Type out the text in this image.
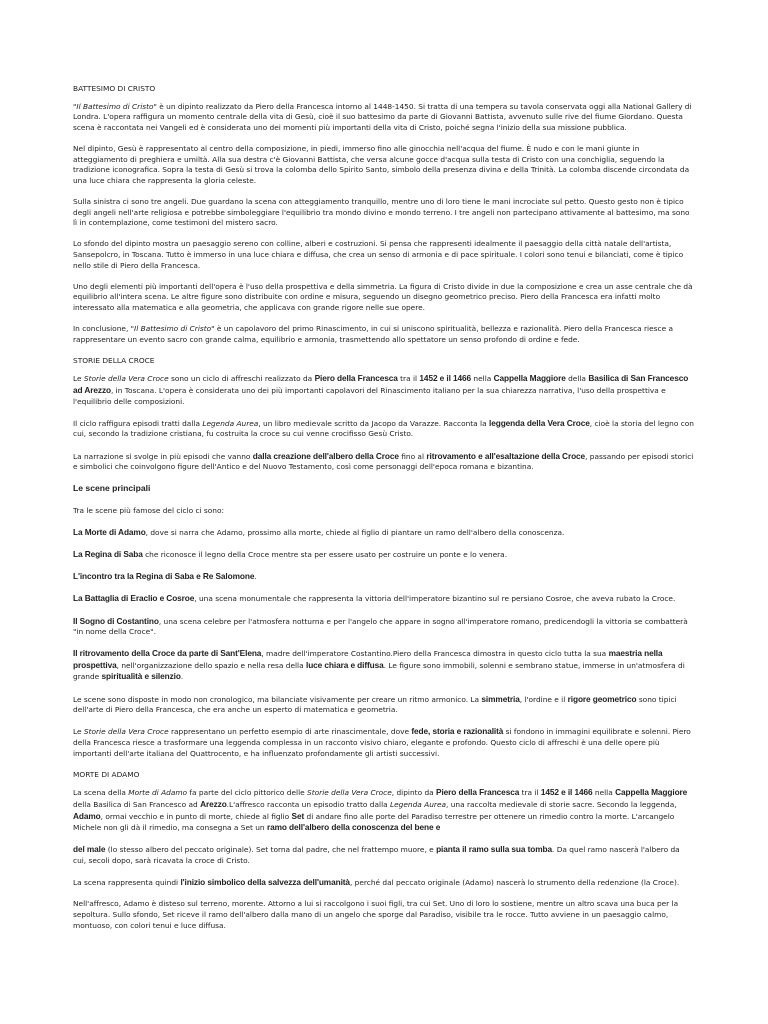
BATTESIMO DI CRISTO

"Il Battesimo di Cristo" è un dipinto realizzato da Piero della Francesca intorno al 1448-1450. Si tratta di una tempera su tavola conservata oggi alla National Gallery di Londra. L'opera raffigura un momento centrale della vita di Gesù, cioè il suo battesimo da parte di Giovanni Battista, avvenuto sulle rive del fiume Giordano. Questa scena è raccontata nei Vangeli ed è considerata uno dei momenti più importanti della vita di Cristo, poiché segna l'inizio della sua missione pubblica.

Nel dipinto, Gesù è rappresentato al centro della composizione, in piedi, immerso fino alle ginocchia nell'acqua del fiume. È nudo e con le mani giunte in atteggiamento di preghiera e umiltà. Alla sua destra c'è Giovanni Battista, che versa alcune gocce d'acqua sulla testa di Cristo con una conchiglia, seguendo la tradizione iconografica. Sopra la testa di Gesù si trova la colomba dello Spirito Santo, simbolo della presenza divina e della Trinità. La colomba discende circondata da una luce chiara che rappresenta la gloria celeste.

Sulla sinistra ci sono tre angeli. Due guardano la scena con atteggiamento tranquillo, mentre uno di loro tiene le mani incrociate sul petto. Questo gesto non è tipico degli angeli nell'arte religiosa e potrebbe simboleggiare l'equilibrio tra mondo divino e mondo terreno. I tre angeli non partecipano attivamente al battesimo, ma sono lì in contemplazione, come testimoni del mistero sacro.

Lo sfondo del dipinto mostra un paesaggio sereno con colline, alberi e costruzioni. Si pensa che rappresenti idealmente il paesaggio della città natale dell'artista, Sansepolcro, in Toscana. Tutto è immerso in una luce chiara e diffusa, che crea un senso di armonia e di pace spirituale. I colori sono tenui e bilanciati, come è tipico nello stile di Piero della Francesca.

Uno degli elementi più importanti dell'opera è l'uso della prospettiva e della simmetria. La figura di Cristo divide in due la composizione e crea un asse centrale che dà equilibrio all'intera scena. Le altre figure sono distribuite con ordine e misura, seguendo un disegno geometrico preciso. Piero della Francesca era infatti molto interessato alla matematica e alla geometria, che applicava con grande rigore nelle sue opere.

In conclusione, "Il Battesimo di Cristo" è un capolavoro del primo Rinascimento, in cui si uniscono spiritualità, bellezza e razionalità. Piero della Francesca riesce a rappresentare un evento sacro con grande calma, equilibrio e armonia, trasmettendo allo spettatore un senso profondo di ordine e fede.

STORIE DELLA CROCE

Le Storie della Vera Croce sono un ciclo di affreschi realizzato da Piero della Francesca tra il 1452 e il 1466 nella Cappella Maggiore della Basilica di San Francesco ad Arezzo, in Toscana. L'opera è considerata uno dei più importanti capolavori del Rinascimento italiano per la sua chiarezza narrativa, l'uso della prospettiva e l'equilibrio delle composizioni.

Il ciclo raffigura episodi tratti dalla Legenda Aurea, un libro medievale scritto da Jacopo da Varazze. Racconta la leggenda della Vera Croce, cioè la storia del legno con cui, secondo la tradizione cristiana, fu costruita la croce su cui venne crocifisso Gesù Cristo.

La narrazione si svolge in più episodi che vanno dalla creazione dell'albero della Croce fino al ritrovamento e all'esaltazione della Croce, passando per episodi storici e simbolici che coinvolgono figure dell'Antico e del Nuovo Testamento, così come personaggi dell'epoca romana e bizantina.

Le scene principali

Tra le scene più famose del ciclo ci sono:

La Morte di Adamo, dove si narra che Adamo, prossimo alla morte, chiede al figlio di piantare un ramo dell'albero della conoscenza.

La Regina di Saba che riconosce il legno della Croce mentre sta per essere usato per costruire un ponte e lo venera.

L'incontro tra la Regina di Saba e Re Salomone.

La Battaglia di Eraclio e Cosroe, una scena monumentale che rappresenta la vittoria dell'imperatore bizantino sul re persiano Cosroe, che aveva rubato la Croce.

Il Sogno di Costantino, una scena celebre per l'atmosfera notturna e per l'angelo che appare in sogno all'imperatore romano, predicendogli la vittoria se combatterà "in nome della Croce".

Il ritrovamento della Croce da parte di Sant'Elena, madre dell'imperatore Costantino.Piero della Francesca dimostra in questo ciclo tutta la sua maestria nella prospettiva, nell'organizzazione dello spazio e nella resa della luce chiara e diffusa. Le figure sono immobili, solenni e sembrano statue, immerse in un'atmosfera di grande spiritualità e silenzio.

Le scene sono disposte in modo non cronologico, ma bilanciate visivamente per creare un ritmo armonico. La simmetria, l'ordine e il rigore geometrico sono tipici dell'arte di Piero della Francesca, che era anche un esperto di matematica e geometria.

Le Storie della Vera Croce rappresentano un perfetto esempio di arte rinascimentale, dove fede, storia e razionalità si fondono in immagini equilibrate e solenni. Piero della Francesca riesce a trasformare una leggenda complessa in un racconto visivo chiaro, elegante e profondo. Questo ciclo di affreschi è una delle opere più importanti dell'arte italiana del Quattrocento, e ha influenzato profondamente gli artisti successivi.

MORTE DI ADAMO

La scena della Morte di Adamo fa parte del ciclo pittorico delle Storie della Vera Croce, dipinto da Piero della Francesca tra il 1452 e il 1466 nella Cappella Maggiore della Basilica di San Francesco ad Arezzo.L'affresco racconta un episodio tratto dalla Legenda Aurea, una raccolta medievale di storie sacre. Secondo la leggenda, Adamo, ormai vecchio e in punto di morte, chiede al figlio Set di andare fino alle porte del Paradiso terrestre per ottenere un rimedio contro la morte. L'arcangelo Michele non gli dà il rimedio, ma consegna a Set un ramo dell'albero della conoscenza del bene e

del male (lo stesso albero del peccato originale). Set torna dal padre, che nel frattempo muore, e pianta il ramo sulla sua tomba. Da quel ramo nascerà l'albero da cui, secoli dopo, sarà ricavata la croce di Cristo.

La scena rappresenta quindi l'inizio simbolico della salvezza dell'umanità, perché dal peccato originale (Adamo) nascerà lo strumento della redenzione (la Croce).

Nell'affresco, Adamo è disteso sul terreno, morente. Attorno a lui si raccolgono i suoi figli, tra cui Set. Uno di loro lo sostiene, mentre un altro scava una buca per la sepoltura. Sullo sfondo, Set riceve il ramo dell'albero dalla mano di un angelo che sporge dal Paradiso, visibile tra le rocce. Tutto avviene in un paesaggio calmo, montuoso, con colori tenui e luce diffusa.
